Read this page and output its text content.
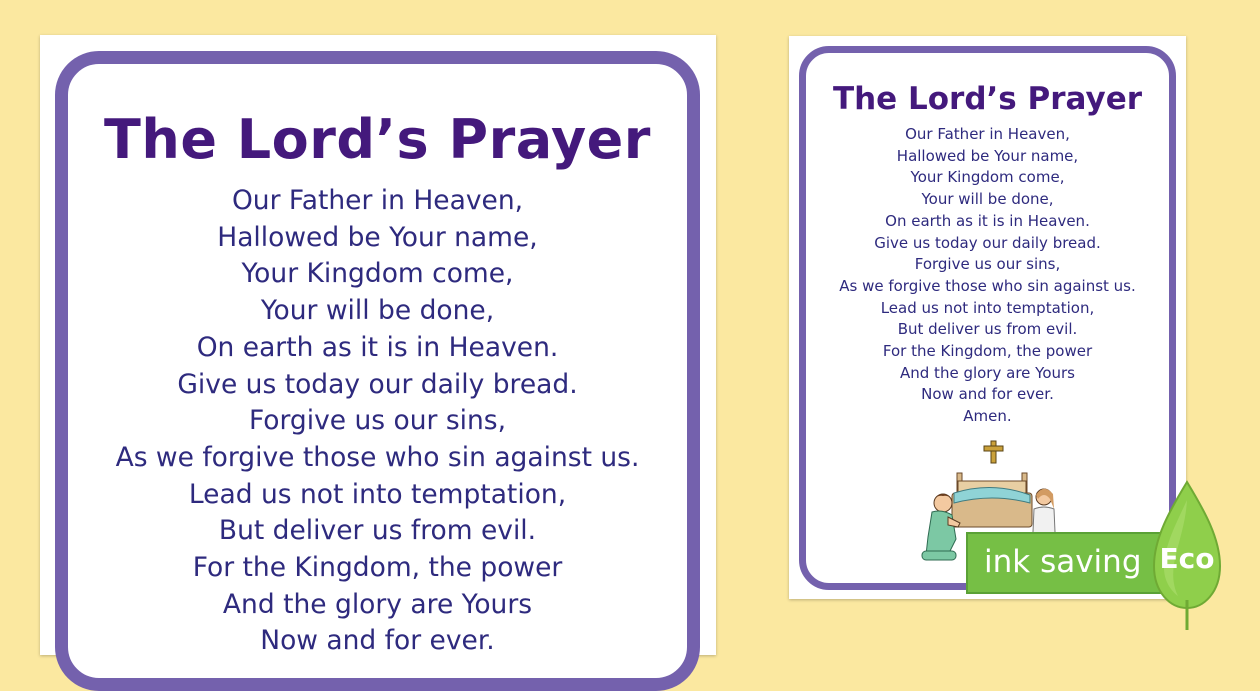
The Lord’s Prayer
Our Father in Heaven,
Hallowed be Your name,
Your Kingdom come,
Your will be done,
On earth as it is in Heaven.
Give us today our daily bread.
Forgive us our sins,
As we forgive those who sin against us.
Lead us not into temptation,
But deliver us from evil.
For the Kingdom, the power
And the glory are Yours
Now and for ever.
The Lord’s Prayer
Our Father in Heaven,
Hallowed be Your name,
Your Kingdom come,
Your will be done,
On earth as it is in Heaven.
Give us today our daily bread.
Forgive us our sins,
As we forgive those who sin against us.
Lead us not into temptation,
But deliver us from evil.
For the Kingdom, the power
And the glory are Yours
Now and for ever.
Amen.
ink saving Eco
